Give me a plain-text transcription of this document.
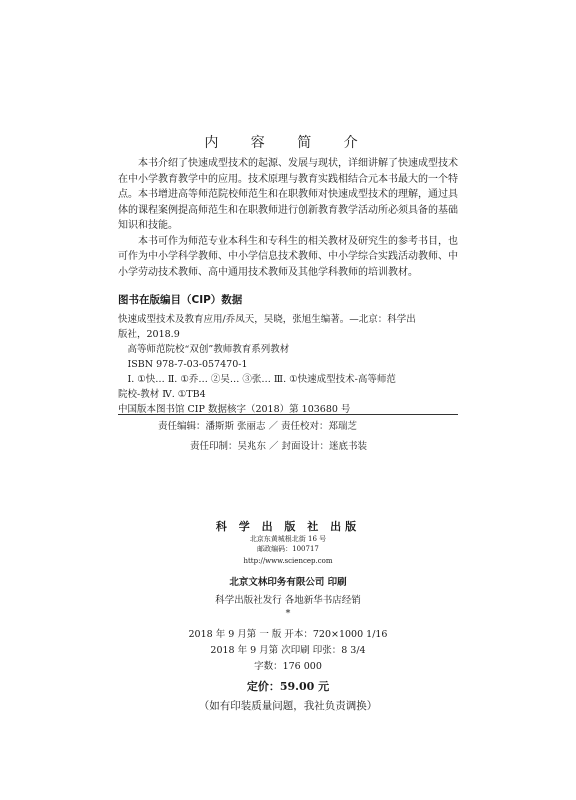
内 容 简 介

本书介绍了快速成型技术的起源、发展与现状，详细讲解了快速成型技术在中小学教育教学中的应用。技术原理与教育实践相结合元本书最大的一个特点。本书增进高等师范院校师范生和在职教师对快速成型技术的理解，通过具体的课程案例提高师范生和在职教师进行创新教育教学活动所必须具备的基础知识和技能。

本书可作为师范专业本科生和专科生的相关教材及研究生的参考书目，也可作为中小学科学教师、中小学信息技术教师、中小学综合实践活动教师、中小学劳动技术教师、高中通用技术教师及其他学科教师的培训教材。

图书在版编目（CIP）数据
快速成型技术及教育应用/乔凤天，吴晓，张旭生编著。—北京：科学出
版社，2018.9
高等师范院校“双创”教师教育系列教材
ISBN 978-7-03-057470-1
Ⅰ. ①快… Ⅱ. ①乔… ②吴… ③张… Ⅲ. ①快速成型技术-高等师范
院校-教材 Ⅳ. ①TB4
中国版本图书馆 CIP 数据核字（2018）第 103680 号
责任编辑：潘斯斯 张丽志 ／ 责任校对：郑瑞芝
责任印制：吴兆东 ／ 封面设计：迷底书装
科 学 出 版 社 出版
北京东黄城根北街 16 号
邮政编码：100717
http://www.sciencep.com
北京文林印务有限公司 印刷
科学出版社发行 各地新华书店经销
*
2018 年 9 月第 一 版 开本：720×1000 1/16
2018 年 9 月第 次印刷 印张：8 3/4
字数：176 000
定价：59.00 元
（如有印装质量问题，我社负责调换）
